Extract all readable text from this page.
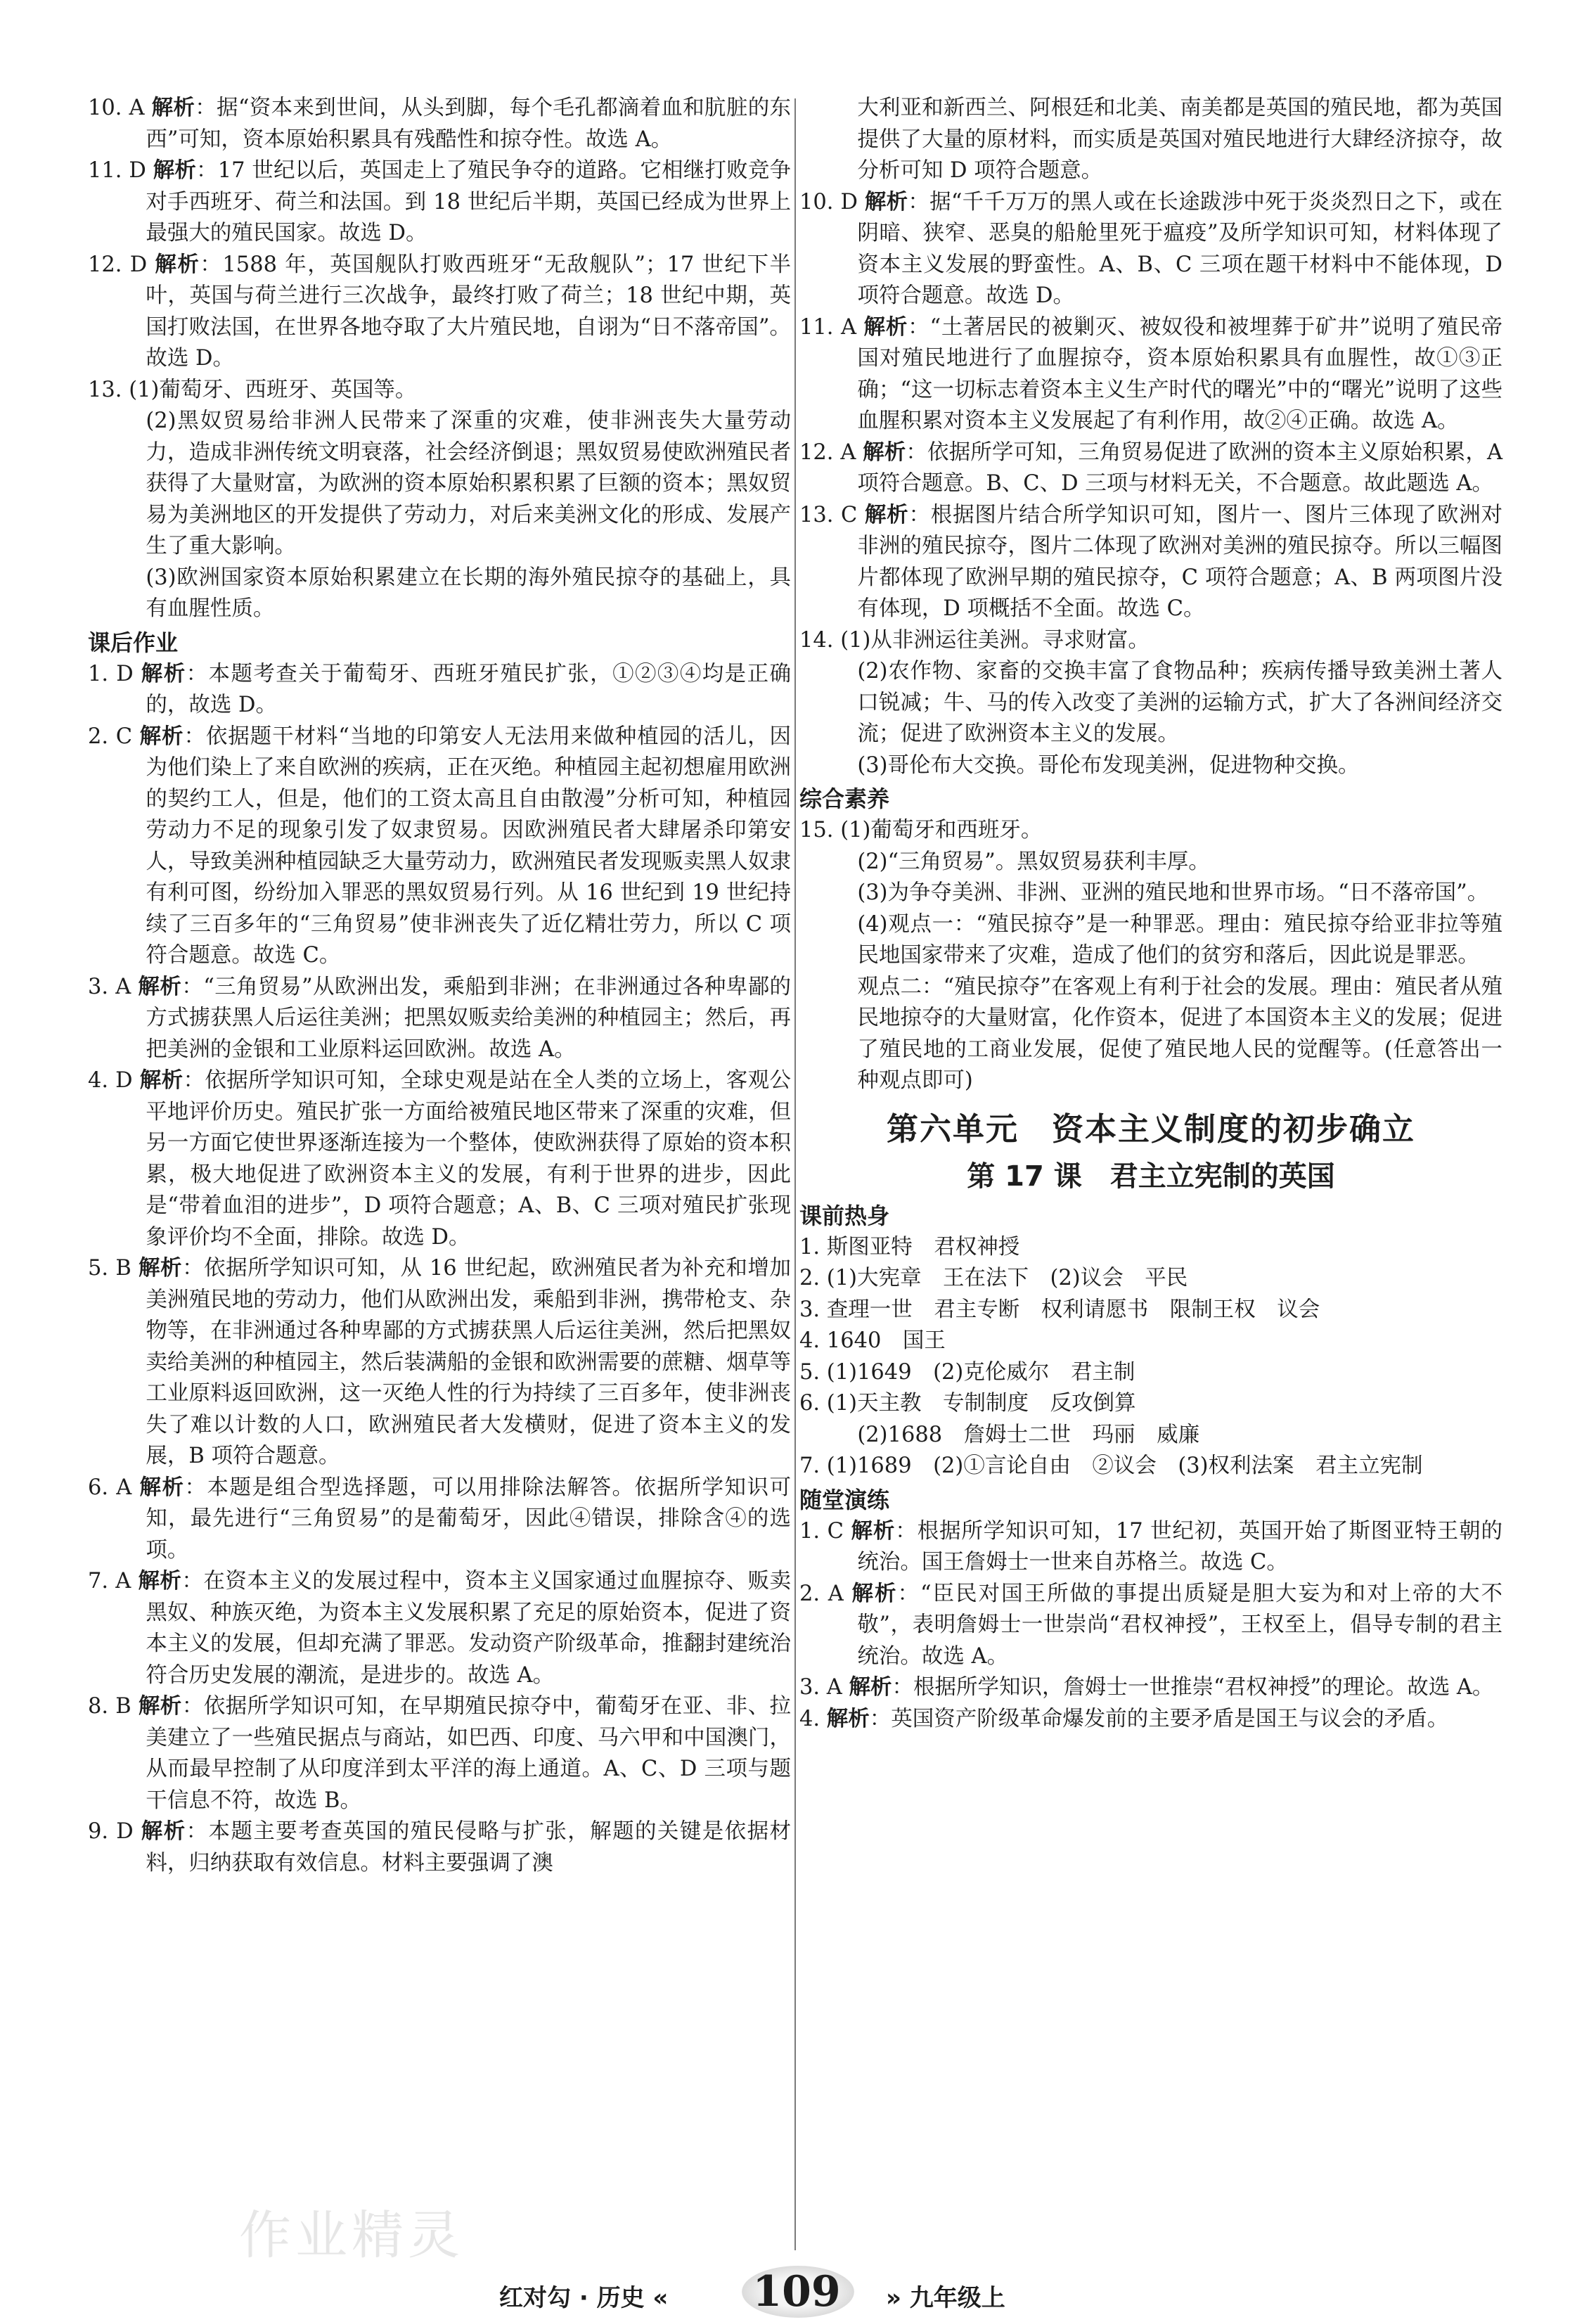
10. A 解析：据“资本来到世间，从头到脚，每个毛孔都滴着血和肮脏的东西”可知，资本原始积累具有残酷性和掠夺性。故选 A。

11. D 解析：17 世纪以后，英国走上了殖民争夺的道路。它相继打败竞争对手西班牙、荷兰和法国。到 18 世纪后半期，英国已经成为世界上最强大的殖民国家。故选 D。

12. D 解析：1588 年，英国舰队打败西班牙“无敌舰队”；17 世纪下半叶，英国与荷兰进行三次战争，最终打败了荷兰；18 世纪中期，英国打败法国，在世界各地夺取了大片殖民地，自诩为“日不落帝国”。故选 D。

13. (1)葡萄牙、西班牙、英国等。

(2)黑奴贸易给非洲人民带来了深重的灾难，使非洲丧失大量劳动力，造成非洲传统文明衰落，社会经济倒退；黑奴贸易使欧洲殖民者获得了大量财富，为欧洲的资本原始积累积累了巨额的资本；黑奴贸易为美洲地区的开发提供了劳动力，对后来美洲文化的形成、发展产生了重大影响。

(3)欧洲国家资本原始积累建立在长期的海外殖民掠夺的基础上，具有血腥性质。

课后作业

1. D 解析：本题考查关于葡萄牙、西班牙殖民扩张，①②③④均是正确的，故选 D。

2. C 解析：依据题干材料“当地的印第安人无法用来做种植园的活儿，因为他们染上了来自欧洲的疾病，正在灭绝。种植园主起初想雇用欧洲的契约工人，但是，他们的工资太高且自由散漫”分析可知，种植园劳动力不足的现象引发了奴隶贸易。因欧洲殖民者大肆屠杀印第安人，导致美洲种植园缺乏大量劳动力，欧洲殖民者发现贩卖黑人奴隶有利可图，纷纷加入罪恶的黑奴贸易行列。从 16 世纪到 19 世纪持续了三百多年的“三角贸易”使非洲丧失了近亿精壮劳力，所以 C 项符合题意。故选 C。

3. A 解析：“三角贸易”从欧洲出发，乘船到非洲；在非洲通过各种卑鄙的方式掳获黑人后运往美洲；把黑奴贩卖给美洲的种植园主；然后，再把美洲的金银和工业原料运回欧洲。故选 A。

4. D 解析：依据所学知识可知，全球史观是站在全人类的立场上，客观公平地评价历史。殖民扩张一方面给被殖民地区带来了深重的灾难，但另一方面它使世界逐渐连接为一个整体，使欧洲获得了原始的资本积累，极大地促进了欧洲资本主义的发展，有利于世界的进步，因此是“带着血泪的进步”，D 项符合题意；A、B、C 三项对殖民扩张现象评价均不全面，排除。故选 D。

5. B 解析：依据所学知识可知，从 16 世纪起，欧洲殖民者为补充和增加美洲殖民地的劳动力，他们从欧洲出发，乘船到非洲，携带枪支、杂物等，在非洲通过各种卑鄙的方式掳获黑人后运往美洲，然后把黑奴卖给美洲的种植园主，然后装满船的金银和欧洲需要的蔗糖、烟草等工业原料返回欧洲，这一灭绝人性的行为持续了三百多年，使非洲丧失了难以计数的人口，欧洲殖民者大发横财，促进了资本主义的发展，B 项符合题意。

6. A 解析：本题是组合型选择题，可以用排除法解答。依据所学知识可知，最先进行“三角贸易”的是葡萄牙，因此④错误，排除含④的选项。

7. A 解析：在资本主义的发展过程中，资本主义国家通过血腥掠夺、贩卖黑奴、种族灭绝，为资本主义发展积累了充足的原始资本，促进了资本主义的发展，但却充满了罪恶。发动资产阶级革命，推翻封建统治符合历史发展的潮流，是进步的。故选 A。

8. B 解析：依据所学知识可知，在早期殖民掠夺中，葡萄牙在亚、非、拉美建立了一些殖民据点与商站，如巴西、印度、马六甲和中国澳门，从而最早控制了从印度洋到太平洋的海上通道。A、C、D 三项与题干信息不符，故选 B。

9. D 解析：本题主要考查英国的殖民侵略与扩张，解题的关键是依据材料，归纳获取有效信息。材料主要强调了澳

大利亚和新西兰、阿根廷和北美、南美都是英国的殖民地，都为英国提供了大量的原材料，而实质是英国对殖民地进行大肆经济掠夺，故分析可知 D 项符合题意。

10. D 解析：据“千千万万的黑人或在长途跋涉中死于炎炎烈日之下，或在阴暗、狭窄、恶臭的船舱里死于瘟疫”及所学知识可知，材料体现了资本主义发展的野蛮性。A、B、C 三项在题干材料中不能体现，D 项符合题意。故选 D。

11. A 解析：“土著居民的被剿灭、被奴役和被埋葬于矿井”说明了殖民帝国对殖民地进行了血腥掠夺，资本原始积累具有血腥性，故①③正确；“这一切标志着资本主义生产时代的曙光”中的“曙光”说明了这些血腥积累对资本主义发展起了有利作用，故②④正确。故选 A。

12. A 解析：依据所学可知，三角贸易促进了欧洲的资本主义原始积累，A 项符合题意。B、C、D 三项与材料无关，不合题意。故此题选 A。

13. C 解析：根据图片结合所学知识可知，图片一、图片三体现了欧洲对非洲的殖民掠夺，图片二体现了欧洲对美洲的殖民掠夺。所以三幅图片都体现了欧洲早期的殖民掠夺，C 项符合题意；A、B 两项图片没有体现，D 项概括不全面。故选 C。

14. (1)从非洲运往美洲。寻求财富。

(2)农作物、家畜的交换丰富了食物品种；疾病传播导致美洲土著人口锐减；牛、马的传入改变了美洲的运输方式，扩大了各洲间经济交流；促进了欧洲资本主义的发展。

(3)哥伦布大交换。哥伦布发现美洲，促进物种交换。

综合素养

15. (1)葡萄牙和西班牙。

(2)“三角贸易”。黑奴贸易获利丰厚。

(3)为争夺美洲、非洲、亚洲的殖民地和世界市场。“日不落帝国”。

(4)观点一：“殖民掠夺”是一种罪恶。理由：殖民掠夺给亚非拉等殖民地国家带来了灾难，造成了他们的贫穷和落后，因此说是罪恶。

观点二：“殖民掠夺”在客观上有利于社会的发展。理由：殖民者从殖民地掠夺的大量财富，化作资本，促进了本国资本主义的发展；促进了殖民地的工商业发展，促使了殖民地人民的觉醒等。(任意答出一种观点即可)

第六单元　资本主义制度的初步确立
第 17 课　君主立宪制的英国
课前热身

1. 斯图亚特　君权神授

2. (1)大宪章　王在法下　(2)议会　平民

3. 查理一世　君主专断　权利请愿书　限制王权　议会

4. 1640　国王

5. (1)1649　(2)克伦威尔　君主制

6. (1)天主教　专制制度　反攻倒算

(2)1688　詹姆士二世　玛丽　威廉

7. (1)1689　(2)①言论自由　②议会　(3)权利法案　君主立宪制

随堂演练

1. C 解析：根据所学知识可知，17 世纪初，英国开始了斯图亚特王朝的统治。国王詹姆士一世来自苏格兰。故选 C。

2. A 解析：“臣民对国王所做的事提出质疑是胆大妄为和对上帝的大不敬”，表明詹姆士一世崇尚“君权神授”，王权至上，倡导专制的君主统治。故选 A。

3. A 解析：根据所学知识，詹姆士一世推崇“君权神授”的理论。故选 A。

4. 解析：英国资产阶级革命爆发前的主要矛盾是国王与议会的矛盾。

作业精灵
红对勾 · 历史 «	109	» 九年级上
